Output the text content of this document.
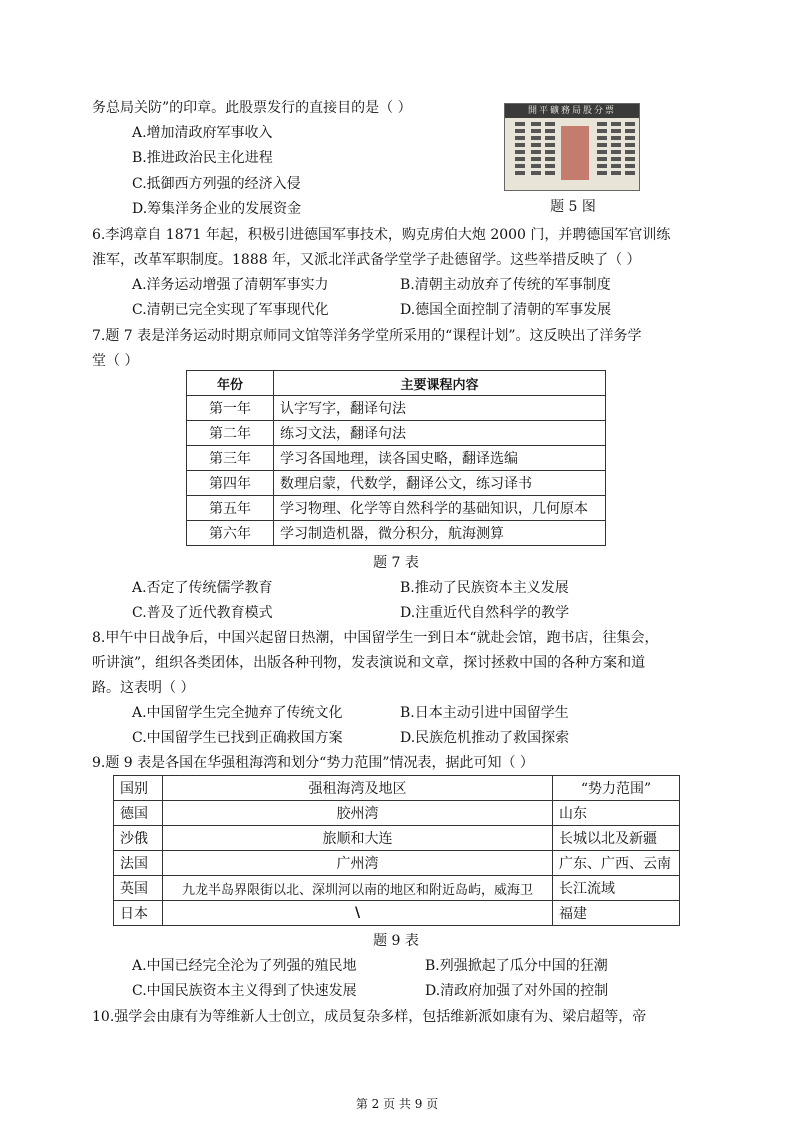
务总局关防”的印章。此股票发行的直接目的是（ ）
A.增加清政府军事收入
B.推进政治民主化进程
C.抵御西方列强的经济入侵
D.筹集洋务企业的发展资金
開平礦務局股分票
题 5 图
6.李鸿章自 1871 年起，积极引进德国军事技术，购克虏伯大炮 2000 门，并聘德国军官训练
淮军，改革军职制度。1888 年，又派北洋武备学堂学子赴德留学。这些举措反映了（ ）
A.洋务运动增强了清朝军事实力	B.清朝主动放弃了传统的军事制度
C.清朝已完全实现了军事现代化	D.德国全面控制了清朝的军事发展
7.题 7 表是洋务运动时期京师同文馆等洋务学堂所采用的“课程计划”。这反映出了洋务学
堂（ ）
年份	主要课程内容
第一年	认字写字，翻译句法
第二年	练习文法，翻译句法
第三年	学习各国地理，读各国史略，翻译选编
第四年	数理启蒙，代数学，翻译公文，练习译书
第五年	学习物理、化学等自然科学的基础知识，几何原本
第六年	学习制造机器，微分积分，航海测算
题 7 表
A.否定了传统儒学教育	B.推动了民族资本主义发展
C.普及了近代教育模式	D.注重近代自然科学的教学
8.甲午中日战争后，中国兴起留日热潮，中国留学生一到日本“就赴会馆，跑书店，往集会，
听讲演”，组织各类团体，出版各种刊物，发表演说和文章，探讨拯救中国的各种方案和道
路。这表明（ ）
A.中国留学生完全抛弃了传统文化	B.日本主动引进中国留学生
C.中国留学生已找到正确救国方案	D.民族危机推动了救国探索
9.题 9 表是各国在华强租海湾和划分“势力范围”情况表，据此可知（ ）
国别	强租海湾及地区	“势力范围”
德国	胶州湾	山东
沙俄	旅顺和大连	长城以北及新疆
法国	广州湾	广东、广西、云南
英国	九龙半岛界限街以北、深圳河以南的地区和附近岛屿，威海卫	长江流域
日本	\	福建
题 9 表
A.中国已经完全沦为了列强的殖民地	B.列强掀起了瓜分中国的狂潮
C.中国民族资本主义得到了快速发展	D.清政府加强了对外国的控制
10.强学会由康有为等维新人士创立，成员复杂多样，包括维新派如康有为、梁启超等，帝
第 2 页 共 9 页
